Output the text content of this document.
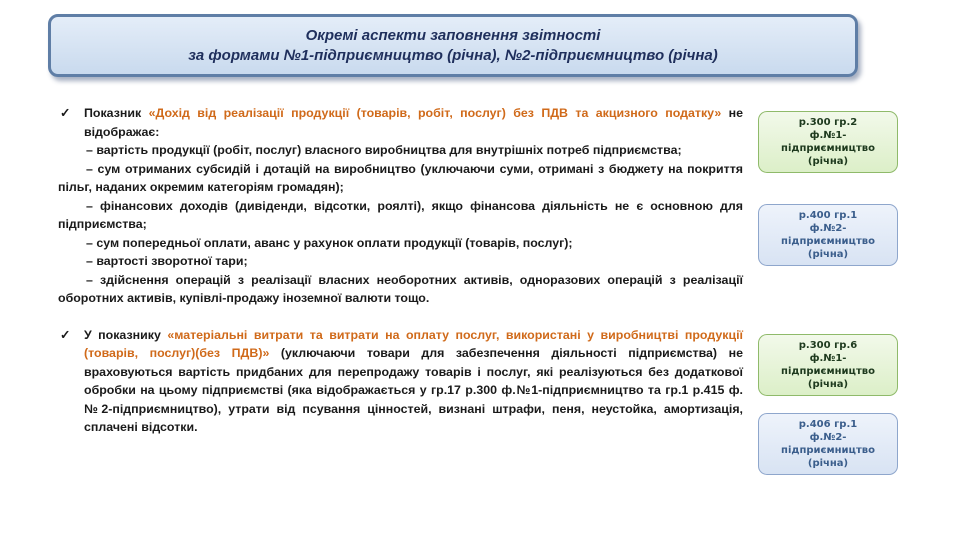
Окремі аспекти заповнення звітності
за формами №1-підприємництво (річна), №2-підприємництво (річна)

✓ Показник «Дохід від реалізації продукції (товарів, робіт, послуг) без ПДВ та акцизного податку» не відображає:

– вартість продукції (робіт, послуг) власного виробництва для внутрішніх потреб підприємства;

– сум отриманих субсидій і дотацій на виробництво (уключаючи суми, отримані з бюджету на покриття пільг, наданих окремим категоріям громадян);

– фінансових доходів (дивіденди, відсотки, роялті), якщо фінансова діяльність не є основною для підприємства;

– сум попередньої оплати, аванс у рахунок оплати продукції (товарів, послуг);

– вартості зворотної тари;

– здійснення операцій з реалізації власних необоротних активів, одноразових операцій з реалізації оборотних активів, купівлі-продажу іноземної валюти тощо.

✓ У показнику «матеріальні витрати та витрати на оплату послуг, використані у виробництві продукції (товарів, послуг)(без ПДВ)» (уключаючи товари для забезпечення діяльності підприємства) не враховуються вартість придбаних для перепродажу товарів і послуг, які реалізуються без додаткової обробки на цьому підприємстві (яка відображається у гр.17 р.300 ф.№1-підприємництво та гр.1 р.415 ф.№2-підприємництво), утрати від псування цінностей, визнані штрафи, пеня, неустойка, амортизація, сплачені відсотки.

р.300 гр.2
ф.№1-
підприємництво
(річна)
р.400 гр.1
ф.№2-
підприємництво
(річна)
р.300 гр.6
ф.№1-
підприємництво
(річна)
р.406 гр.1
ф.№2-
підприємництво
(річна)
